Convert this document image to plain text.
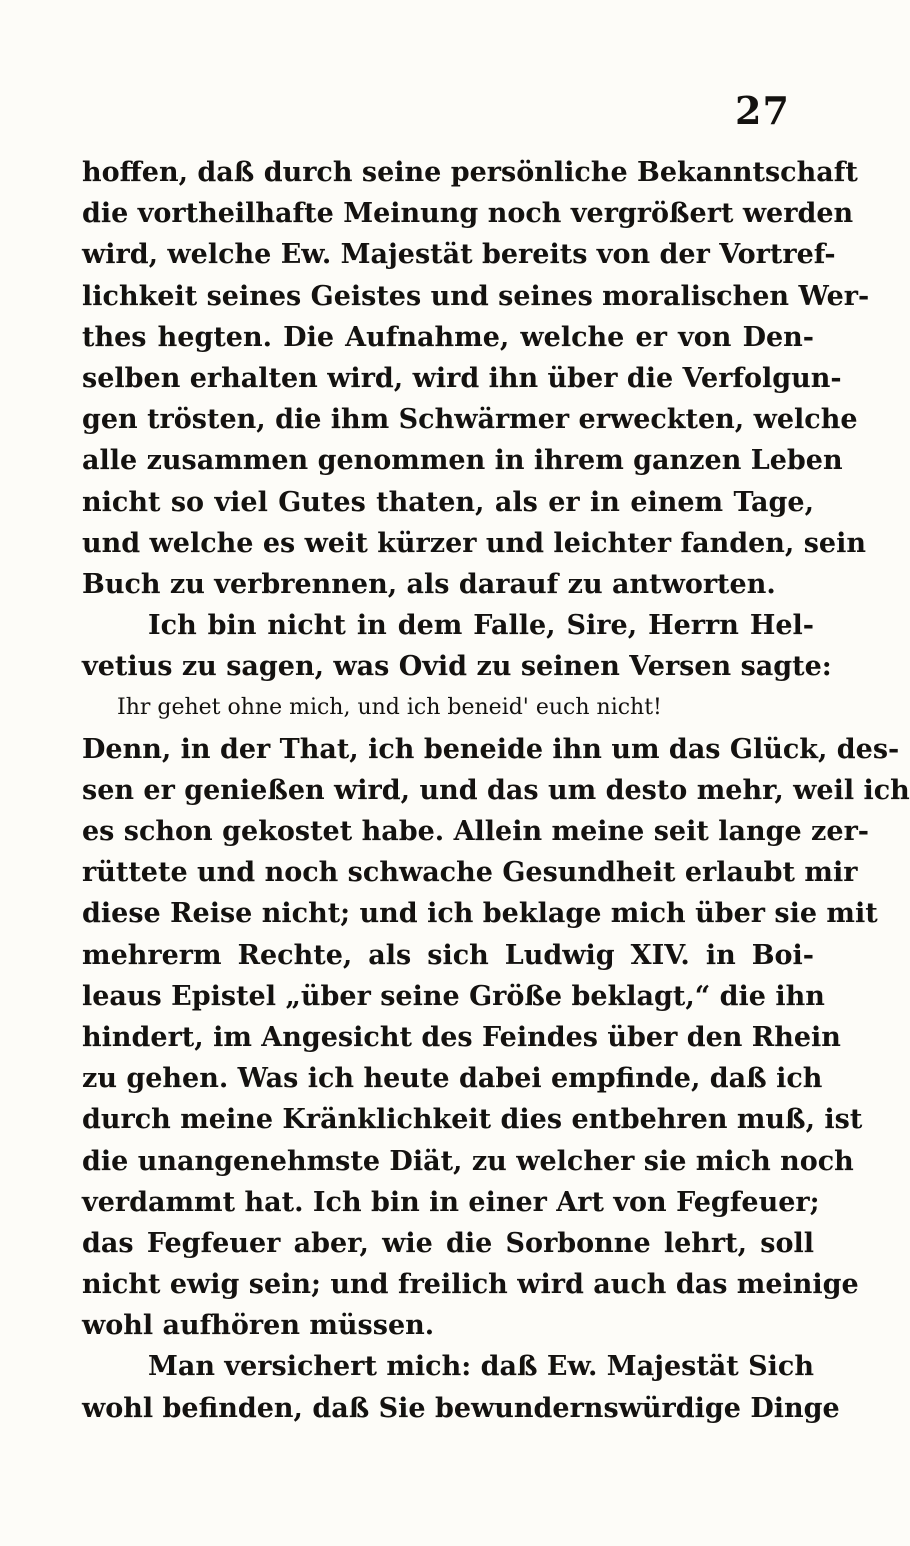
27
hoffen, daß durch seine persönliche Bekanntschaft
die vortheilhafte Meinung noch vergrößert werden
wird, welche Ew. Majestät bereits von der Vortref-
lichkeit seines Geistes und seines moralischen Wer-
thes hegten. Die Aufnahme, welche er von Den-
selben erhalten wird, wird ihn über die Verfolgun-
gen trösten, die ihm Schwärmer erweckten, welche
alle zusammen genommen in ihrem ganzen Leben
nicht so viel Gutes thaten, als er in einem Tage,
und welche es weit kürzer und leichter fanden, sein
Buch zu verbrennen, als darauf zu antworten.
Ich bin nicht in dem Falle, Sire, Herrn Hel-
vetius zu sagen, was Ovid zu seinen Versen sagte:
Ihr gehet ohne mich, und ich beneid' euch nicht!
Denn, in der That, ich beneide ihn um das Glück, des-
sen er genießen wird, und das um desto mehr, weil ich
es schon gekostet habe. Allein meine seit lange zer-
rüttete und noch schwache Gesundheit erlaubt mir
diese Reise nicht; und ich beklage mich über sie mit
mehrerm Rechte, als sich Ludwig XIV. in Boi-
leaus Epistel „über seine Größe beklagt,“ die ihn
hindert, im Angesicht des Feindes über den Rhein
zu gehen. Was ich heute dabei empfinde, daß ich
durch meine Kränklichkeit dies entbehren muß, ist
die unangenehmste Diät, zu welcher sie mich noch
verdammt hat. Ich bin in einer Art von Fegfeuer;
das Fegfeuer aber, wie die Sorbonne lehrt, soll
nicht ewig sein; und freilich wird auch das meinige
wohl aufhören müssen.
Man versichert mich: daß Ew. Majestät Sich
wohl befinden, daß Sie bewundernswürdige Dinge
